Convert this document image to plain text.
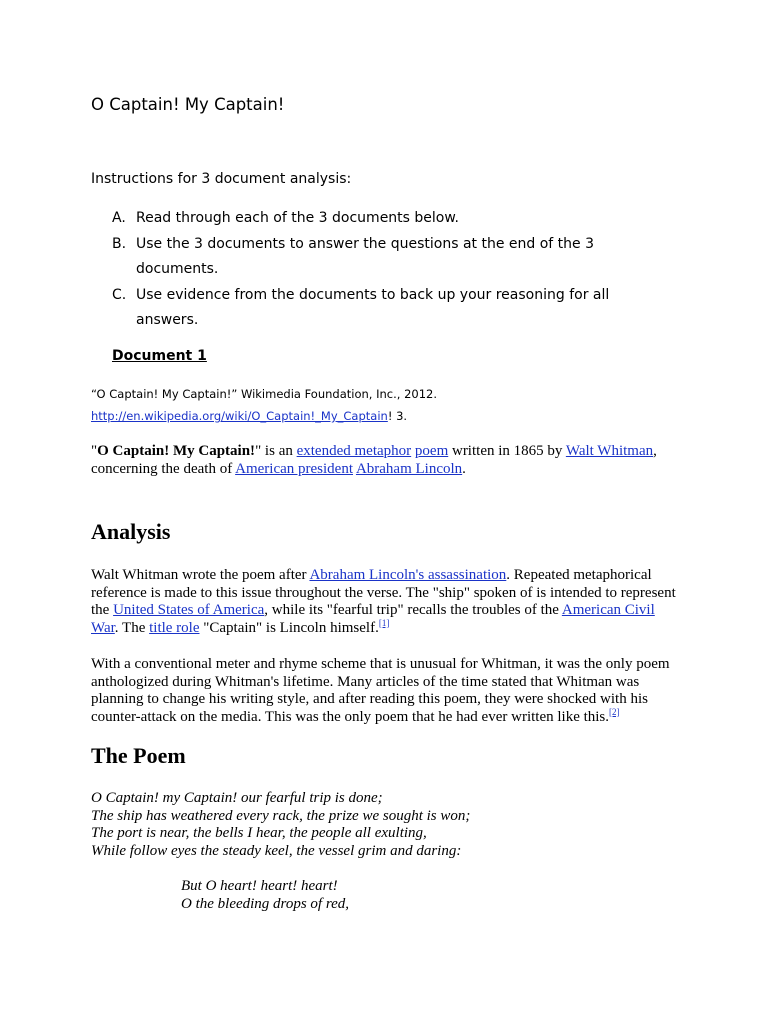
O Captain! My Captain!
Instructions for 3 document analysis:
A. Read through each of the 3 documents below.
B. Use the 3 documents to answer the questions at the end of the 3 documents.
C. Use evidence from the documents to back up your reasoning for all answers.
Document 1
“O Captain! My Captain!” Wikimedia Foundation, Inc., 2012.
http://en.wikipedia.org/wiki/O_Captain!_My_Captain! 3.
"O Captain! My Captain!" is an extended metaphor poem written in 1865 by Walt Whitman, concerning the death of American president Abraham Lincoln.
Analysis
Walt Whitman wrote the poem after Abraham Lincoln's assassination. Repeated metaphorical reference is made to this issue throughout the verse. The "ship" spoken of is intended to represent the United States of America, while its "fearful trip" recalls the troubles of the American Civil War. The title role "Captain" is Lincoln himself.[1]
With a conventional meter and rhyme scheme that is unusual for Whitman, it was the only poem anthologized during Whitman's lifetime. Many articles of the time stated that Whitman was planning to change his writing style, and after reading this poem, they were shocked with his counter-attack on the media. This was the only poem that he had ever written like this.[2]
The Poem
O Captain! my Captain! our fearful trip is done;
The ship has weathered every rack, the prize we sought is won;
The port is near, the bells I hear, the people all exulting,
While follow eyes the steady keel, the vessel grim and daring:
But O heart! heart! heart!
O the bleeding drops of red,
